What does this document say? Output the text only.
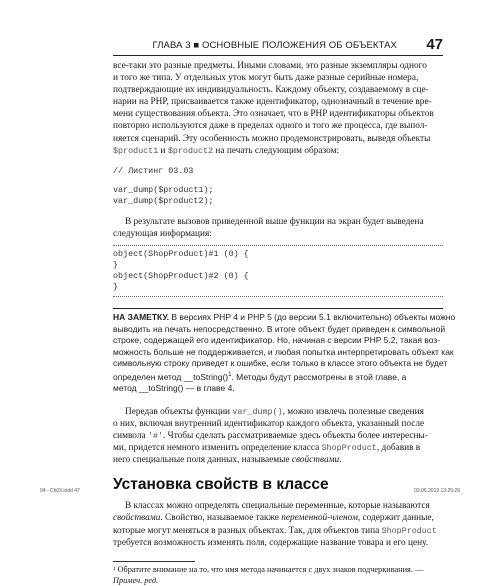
ГЛАВА 3 ■ ОСНОВНЫЕ ПОЛОЖЕНИЯ ОБ ОБЪЕКТАХ 47

все-таки это разные предметы. Иными словами, это разные экземпляры одного
и того же типа. У отдельных уток могут быть даже разные серийные номера,
подтверждающие их индивидуальность. Каждому объекту, создаваемому в сце-
нарии на PHP, присваивается также идентификатор, однозначный в течение вре-
мени существования объекта. Это означает, что в PHP идентификаторы объектов
повторно используются даже в пределах одного и того же процесса, где выпол-
няется сценарий. Эту особенность можно продемонстрировать, выведя объекты
$product1 и $product2 на печать следующим образом:

// Листинг 03.03
var_dump($product1);
var_dump($product2);

В результате вызовов приведенной выше функции на экран будет выведена
следующая информация:

object(ShopProduct)#1 (0) {
}
object(ShopProduct)#2 (0) {
}
НА ЗАМЕТКУ. В версиях PHP 4 и PHP 5 (до версии 5.1 включительно) объекты можно
выводить на печать непосредственно. В итоге объект будет приведен к символьной
строке, содержащей его идентификатор. Но, начиная с версии PHP 5.2, такая воз-
можность больше не поддерживается, и любая попытка интерпретировать объект как
символьную строку приведет к ошибке, если только в классе этого объекта не будет
определен метод __toString()$^1$. Методы будут рассмотрены в этой главе, а
метод __toString() — в главе 4.

Передав объекты функции var_dump(), можно извлечь полезные сведения
о них, включая внутренний идентификатор каждого объекта, указанный после
символа '#'. Чтобы сделать рассматриваемые здесь объекты более интересны-
ми, придется немного изменить определение класса ShopProduct, добавив в
него специальные поля данных, называемые свойствами.

Установка свойств в классе

В классах можно определять специальные переменные, которые называются
свойствами. Свойство, называемое также переменной-членом, содержит данные,
которые могут меняться в разных объектах. Так, для объектов типа ShopProduct
требуется возможность изменять поля, содержащие название товара и его цену.

¹ Обратите внимание на то, что имя метода начинается с двух знаков подчеркивания. —
Примеч. ред.
04 - Ch03.indd 47	03.06.2019 13:25:26
